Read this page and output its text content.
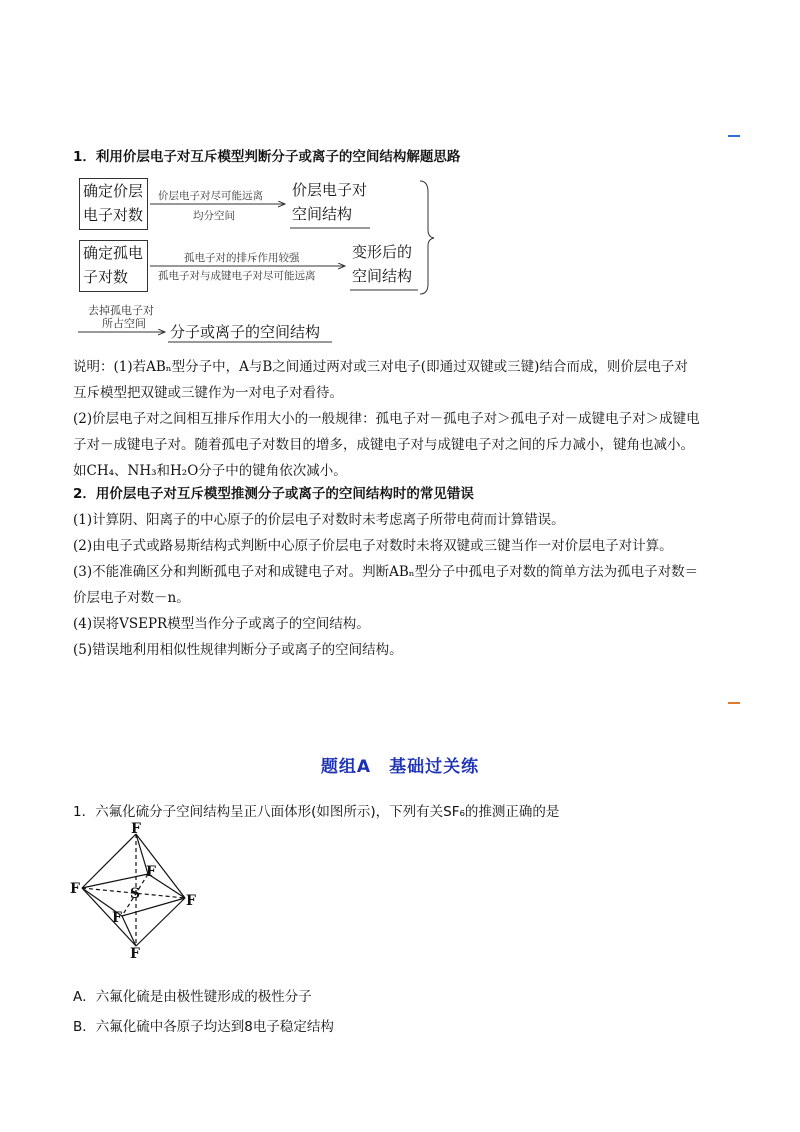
1．利用价层电子对互斥模型判断分子或离子的空间结构解题思路
确定价层
电子对数
价层电子对尽可能远离
均分空间
价层电子对
空间结构
确定孤电
子对数
孤电子对的排斥作用较强
孤电子对与成键电子对尽可能远离
变形后的
空间结构
去掉孤电子对
所占空间 分子或离子的空间结构
说明：(1)若ABₙ型分子中，A与B之间通过两对或三对电子(即通过双键或三键)结合而成，则价层电子对
互斥模型把双键或三键作为一对电子对看待。
(2)价层电子对之间相互排斥作用大小的一般规律：孤电子对－孤电子对＞孤电子对－成键电子对＞成键电
子对－成键电子对。随着孤电子对数目的增多，成键电子对与成键电子对之间的斥力减小，键角也减小。
如CH₄、NH₃和H₂O分子中的键角依次减小。
2．用价层电子对互斥模型推测分子或离子的空间结构时的常见错误
(1)计算阴、阳离子的中心原子的价层电子对数时未考虑离子所带电荷而计算错误。
(2)由电子式或路易斯结构式判断中心原子价层电子对数时未将双键或三键当作一对价层电子对计算。
(3)不能准确区分和判断孤电子对和成键电子对。判断ABₙ型分子中孤电子对数的简单方法为孤电子对数＝
价层电子对数－n。
(4)误将VSEPR模型当作分子或离子的空间结构。
(5)错误地利用相似性规律判断分子或离子的空间结构。
题组A　基础过关练
1．六氟化硫分子空间结构呈正八面体形(如图所示)，下列有关SF₆的推测正确的是
F
F
S
F
F
F
F
A．六氟化硫是由极性键形成的极性分子
B．六氟化硫中各原子均达到8电子稳定结构
